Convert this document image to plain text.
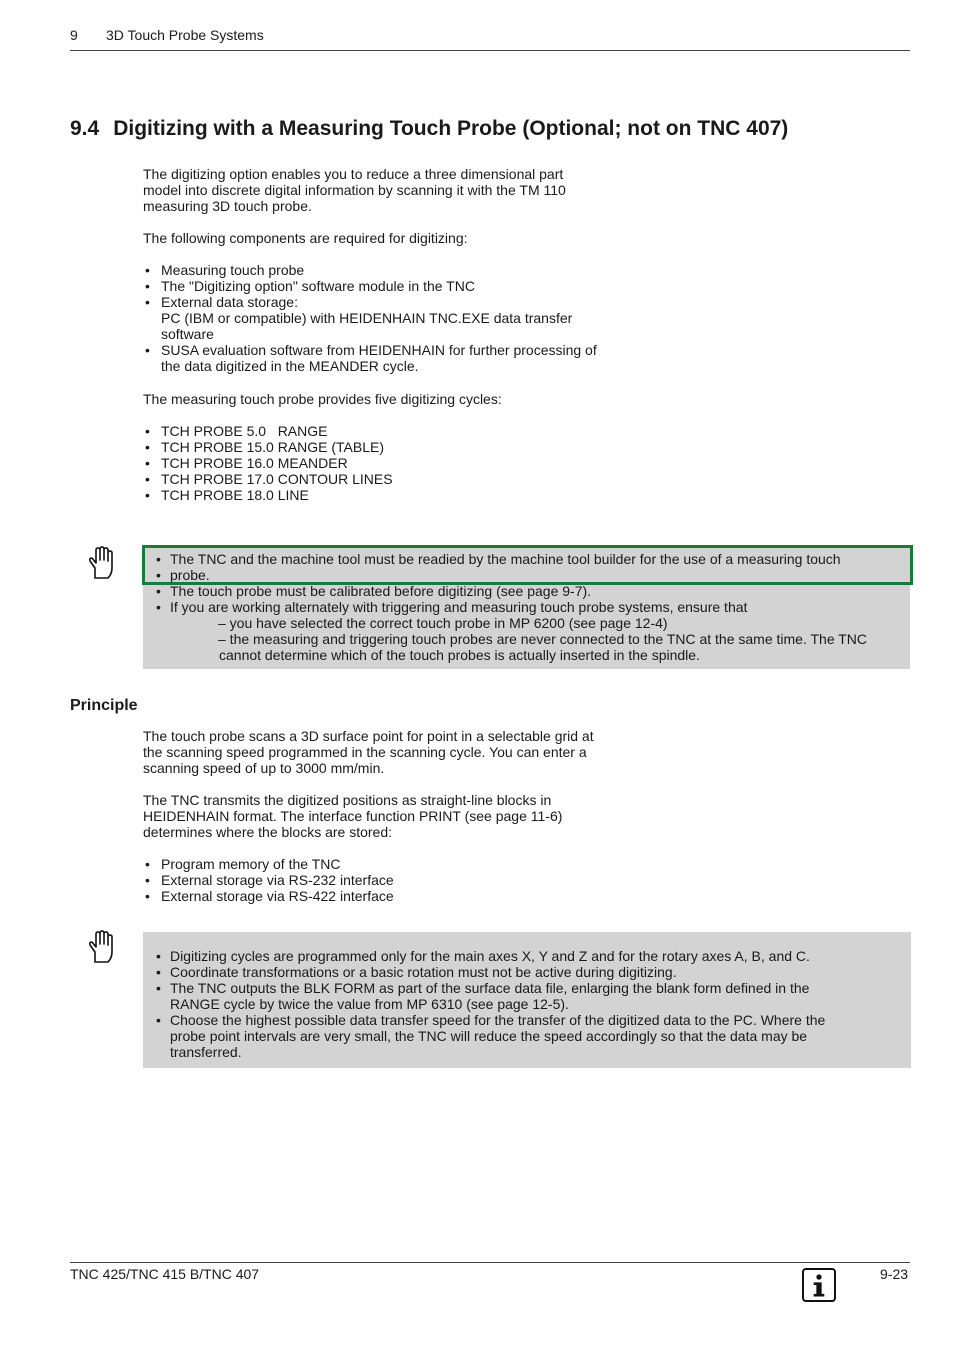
9 3D Touch Probe Systems
9.4 Digitizing with a Measuring Touch Probe (Optional; not on TNC 407)
The digitizing option enables you to reduce a three dimensional part
model into discrete digital information by scanning it with the TM 110
measuring 3D touch probe.
The following components are required for digitizing:
• Measuring touch probe
• The "Digitizing option" software module in the TNC
• External data storage:
PC (IBM or compatible) with HEIDENHAIN TNC.EXE data transfer
software
• SUSA evaluation software from HEIDENHAIN for further processing of
the data digitized in the MEANDER cycle.
The measuring touch probe provides five digitizing cycles:
• TCH PROBE 5.0   RANGE
• TCH PROBE 15.0 RANGE (TABLE)
• TCH PROBE 16.0 MEANDER
• TCH PROBE 17.0 CONTOUR LINES
• TCH PROBE 18.0 LINE
• The TNC and the machine tool must be readied by the machine tool builder for the use of a measuring touch
• probe.
• The touch probe must be calibrated before digitizing (see page 9-7).
• If you are working alternately with triggering and measuring touch probe systems, ensure that
– you have selected the correct touch probe in MP 6200 (see page 12-4)
– the measuring and triggering touch probes are never connected to the TNC at the same time. The TNC
cannot determine which of the touch probes is actually inserted in the spindle.
Principle
The touch probe scans a 3D surface point for point in a selectable grid at
the scanning speed programmed in the scanning cycle. You can enter a
scanning speed of up to 3000 mm/min.
The TNC transmits the digitized positions as straight-line blocks in
HEIDENHAIN format. The interface function PRINT (see page 11-6)
determines where the blocks are stored:
• Program memory of the TNC
• External storage via RS-232 interface
• External storage via RS-422 interface
• Digitizing cycles are programmed only for the main axes X, Y and Z and for the rotary axes A, B, and C.
• Coordinate transformations or a basic rotation must not be active during digitizing.
• The TNC outputs the BLK FORM as part of the surface data file, enlarging the blank form defined in the
RANGE cycle by twice the value from MP 6310 (see page 12-5).
• Choose the highest possible data transfer speed for the transfer of the digitized data to the PC. Where the
probe point intervals are very small, the TNC will reduce the speed accordingly so that the data may be
transferred.
TNC 425/TNC 415 B/TNC 407	9-23
